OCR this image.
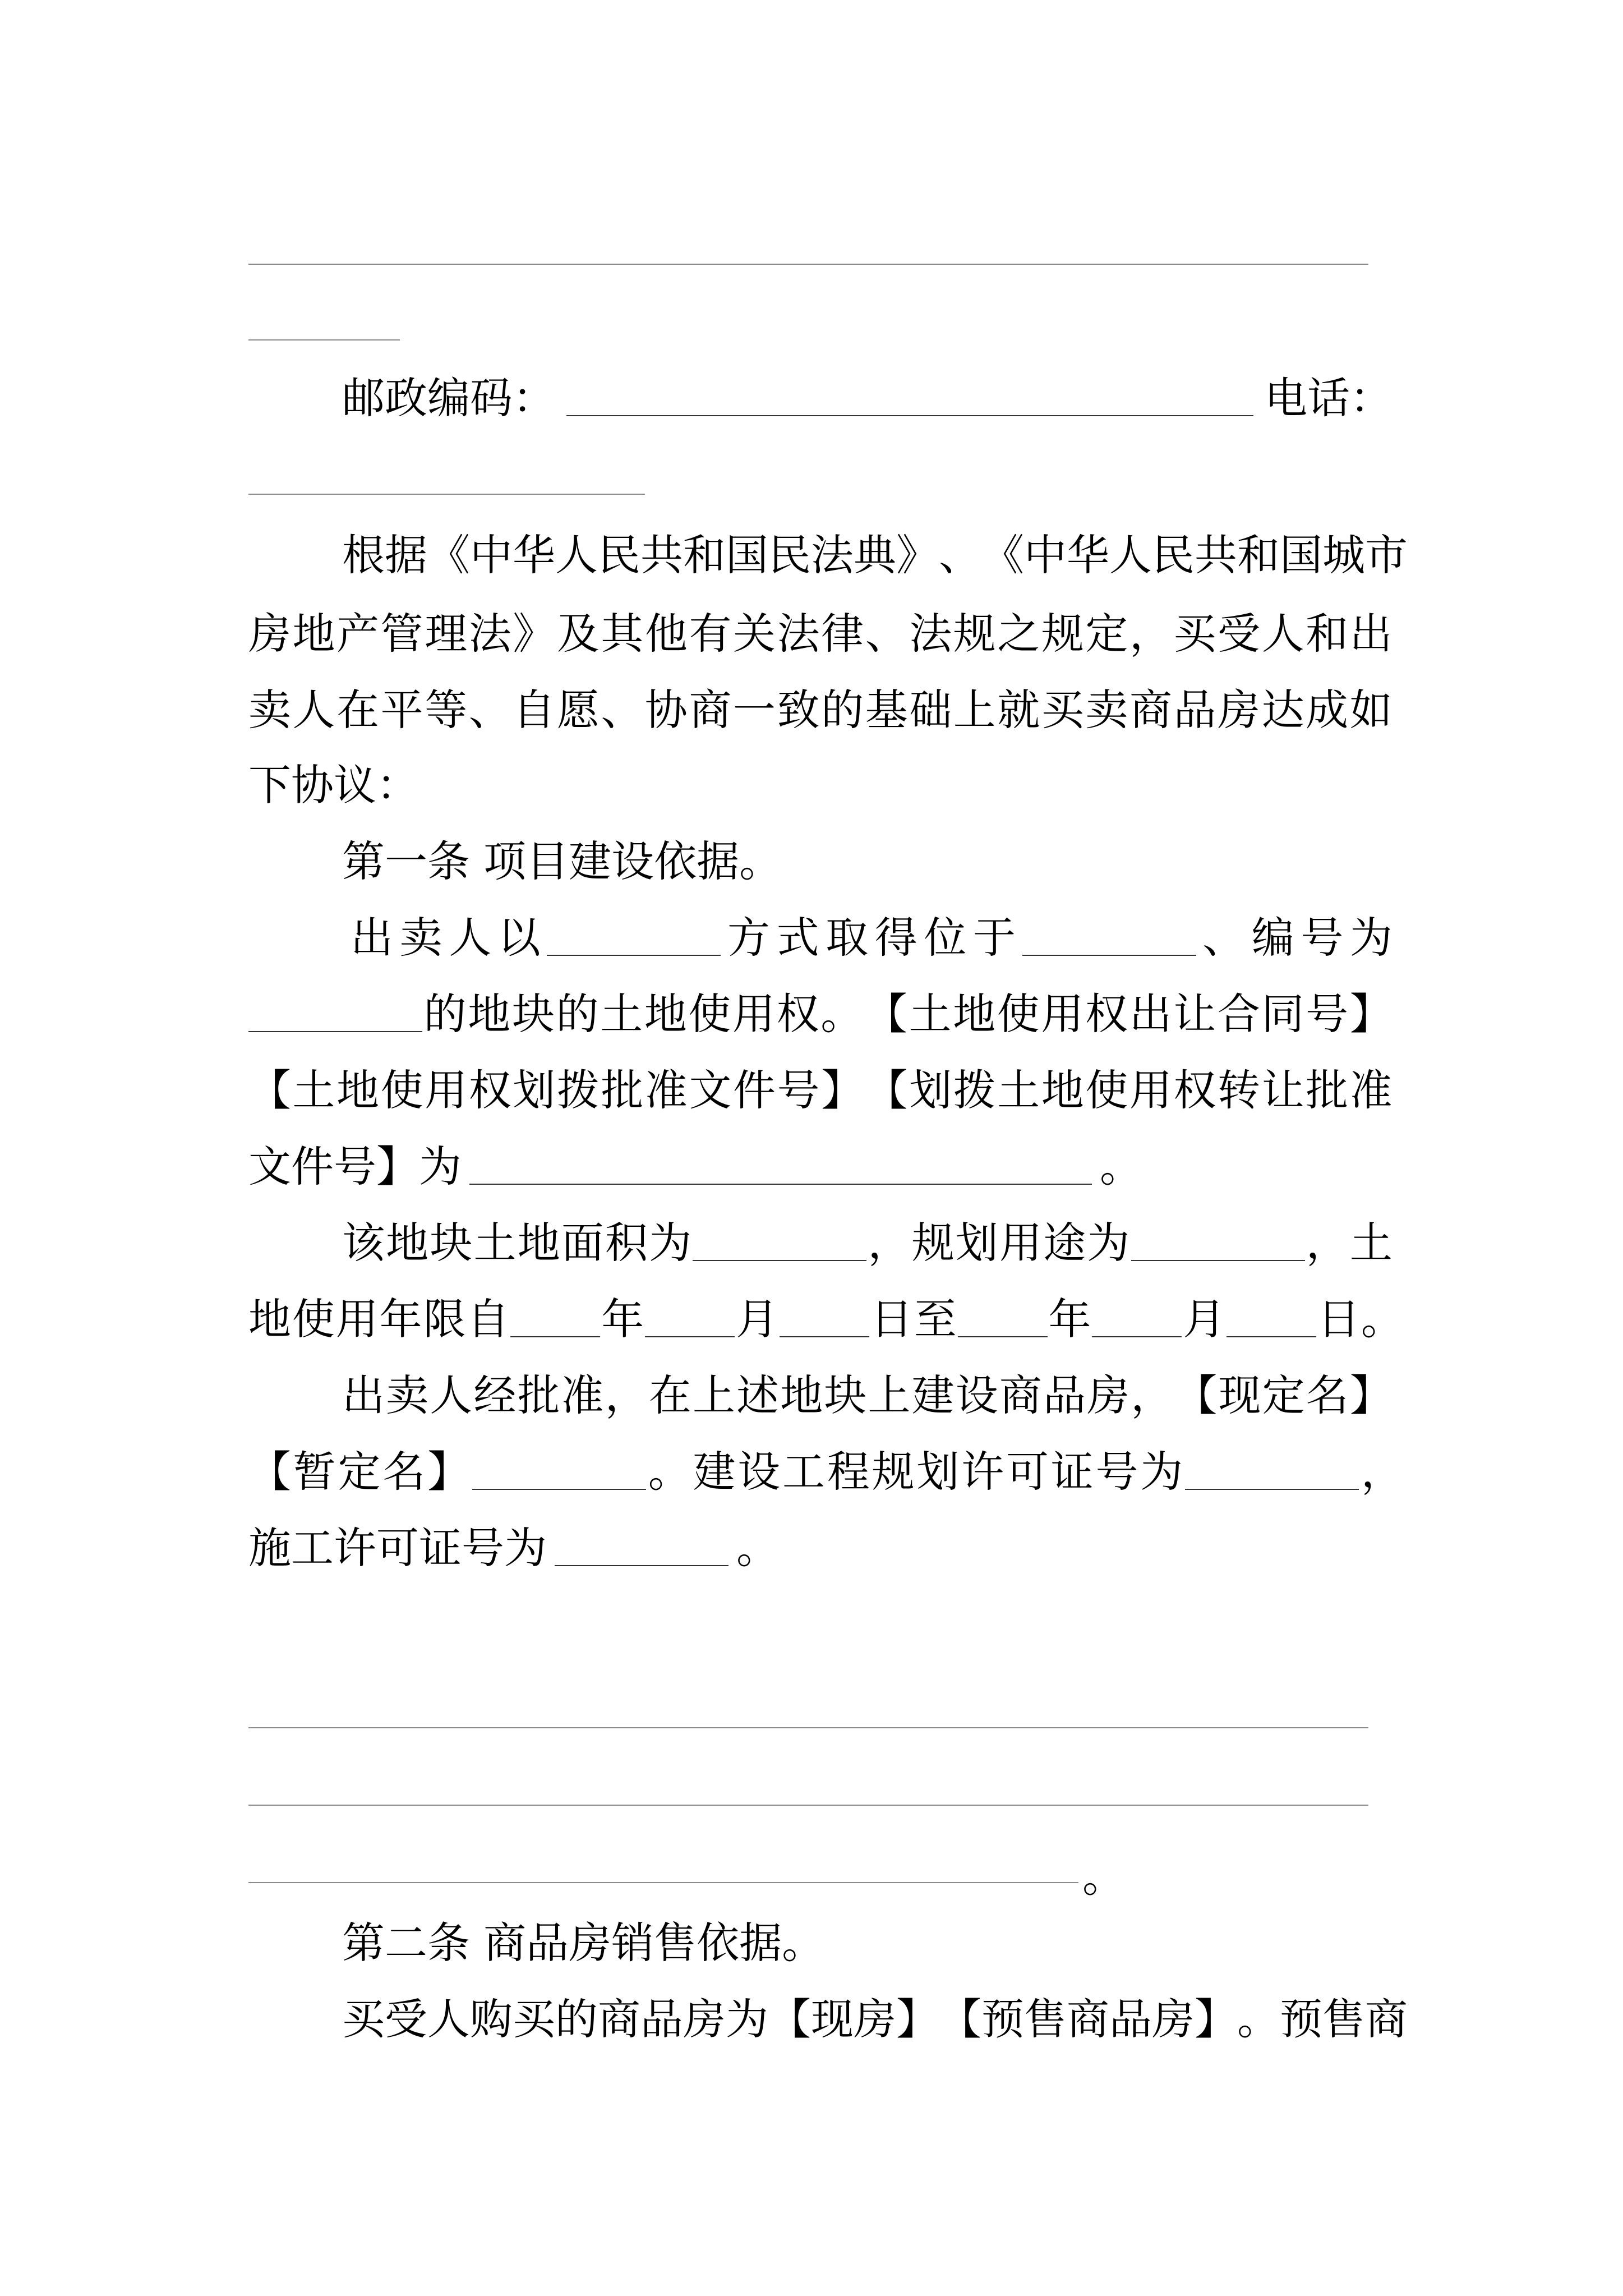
邮政编码：	电话：
根 据 《 中 华 人 民 共 和 国 民 法 典 》 、 《 中 华 人 民 共 和 国 城 市
房 地 产 管 理 法 》 及 其 他 有 关 法 律 、 法 规 之 规 定 ， 买 受 人 和 出
卖 人 在 平 等 、 自 愿 、 协 商 一 致 的 基 础 上 就 买 卖 商 品 房 达 成 如
下协议：
第一条 项目建设依据。
出 卖 人 以	方 式 取 得 位 于	、 编 号 为
的 地 块 的 土 地 使 用 权 。 【 土 地 使 用 权 出 让 合 同 号 】
【 土 地 使 用 权 划 拨 批 准 文 件 号 】 【 划 拨 土 地 使 用 权 转 让 批 准
文件号】为	。
该 地 块 土 地 面 积 为	， 规 划 用 途 为	， 土
地 使 用 年 限 自 年 月 日 至 年 月 日 。
出 卖 人 经 批 准 ， 在 上 述 地 块 上 建 设 商 品 房 ， 【 现 定 名 】
【 暂 定 名 】	。 建 设 工 程 规 划 许 可 证 号 为	，
施工许可证号为	。
。
第二条 商品房销售依据。
买 受 人 购 买 的 商 品 房 为 【 现 房 】 【 预 售 商 品 房 】 。 预 售 商
